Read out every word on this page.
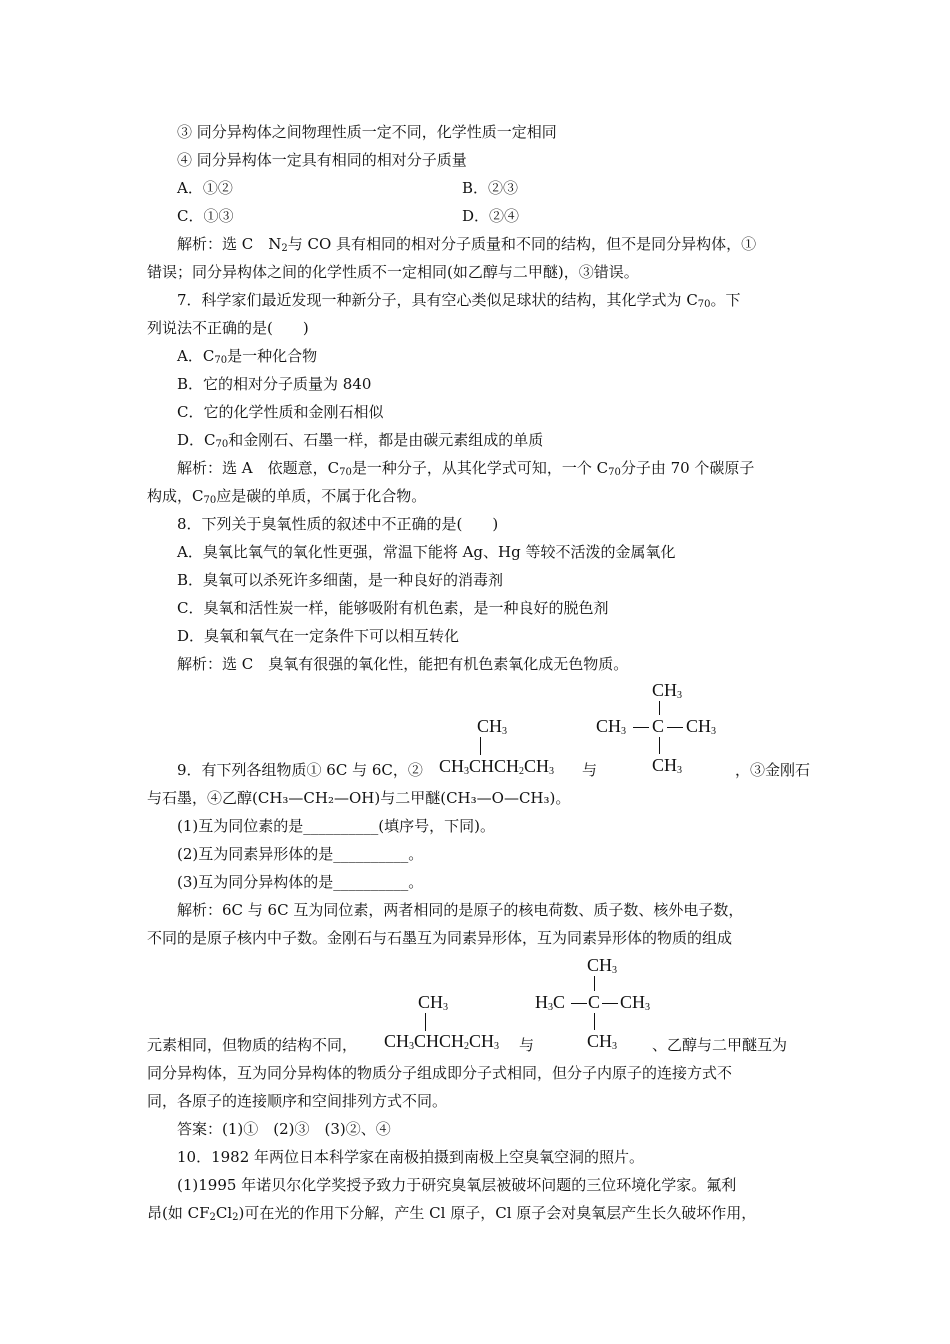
③ 同分异构体之间物理性质一定不同，化学性质一定相同
④ 同分异构体一定具有相同的相对分子质量
A．①②	B．②③
C．①③	D．②④
解析：选 C　$N_2$与 CO 具有相同的相对分子质量和不同的结构，但不是同分异构体，①
错误；同分异构体之间的化学性质不一定相同(如乙醇与二甲醚)，③错误。
7．科学家们最近发现一种新分子，具有空心类似足球状的结构，其化学式为 $C_{70}$。下
列说法不正确的是(　　)
A．$C_{70}$是一种化合物
B．它的相对分子质量为 840
C．它的化学性质和金刚石相似
D．$C_{70}$和金刚石、石墨一样，都是由碳元素组成的单质
解析：选 A　依题意，$C_{70}$是一种分子，从其化学式可知，一个 $C_{70}$分子由 70 个碳原子
构成，$C_{70}$应是碳的单质，不属于化合物。
8．下列关于臭氧性质的叙述中不正确的是(　　)
A．臭氧比氧气的氧化性更强，常温下能将 Ag、Hg 等较不活泼的金属氧化
B．臭氧可以杀死许多细菌，是一种良好的消毒剂
C．臭氧和活性炭一样，能够吸附有机色素，是一种良好的脱色剂
D．臭氧和氧气在一定条件下可以相互转化
解析：选 C　臭氧有很强的氧化性，能把有机色素氧化成无色物质。
$CH_3$
$CH_3CHCH_2CH_3$
$CH_3$
$CH_3$ C $CH_3$
$CH_3$
9．有下列各组物质① 6C 与 6C，②	与	，③金刚石
与石墨，④乙醇(CH₃—CH₂—OH)与二甲醚(CH₃—O—CH₃)。
(1)互为同位素的是__________(填序号，下同)。
(2)互为同素异形体的是__________。
(3)互为同分异构体的是__________。
解析：6C 与 6C 互为同位素，两者相同的是原子的核电荷数、质子数、核外电子数，
不同的是原子核内中子数。金刚石与石墨互为同素异形体，互为同素异形体的物质的组成
$CH_3$
$CH_3CHCH_2CH_3$
$CH_3$
$H_3C$ C $CH_3$
$CH_3$
元素相同，但物质的结构不同，	与	、乙醇与二甲醚互为
同分异构体，互为同分异构体的物质分子组成即分子式相同，但分子内原子的连接方式不
同，各原子的连接顺序和空间排列方式不同。
答案：(1)①　(2)③　(3)②、④
10．1982 年两位日本科学家在南极拍摄到南极上空臭氧空洞的照片。
(1)1995 年诺贝尔化学奖授予致力于研究臭氧层被破坏问题的三位环境化学家。氟利
昂(如 $CF_2Cl_2$)可在光的作用下分解，产生 Cl 原子，Cl 原子会对臭氧层产生长久破坏作用，
